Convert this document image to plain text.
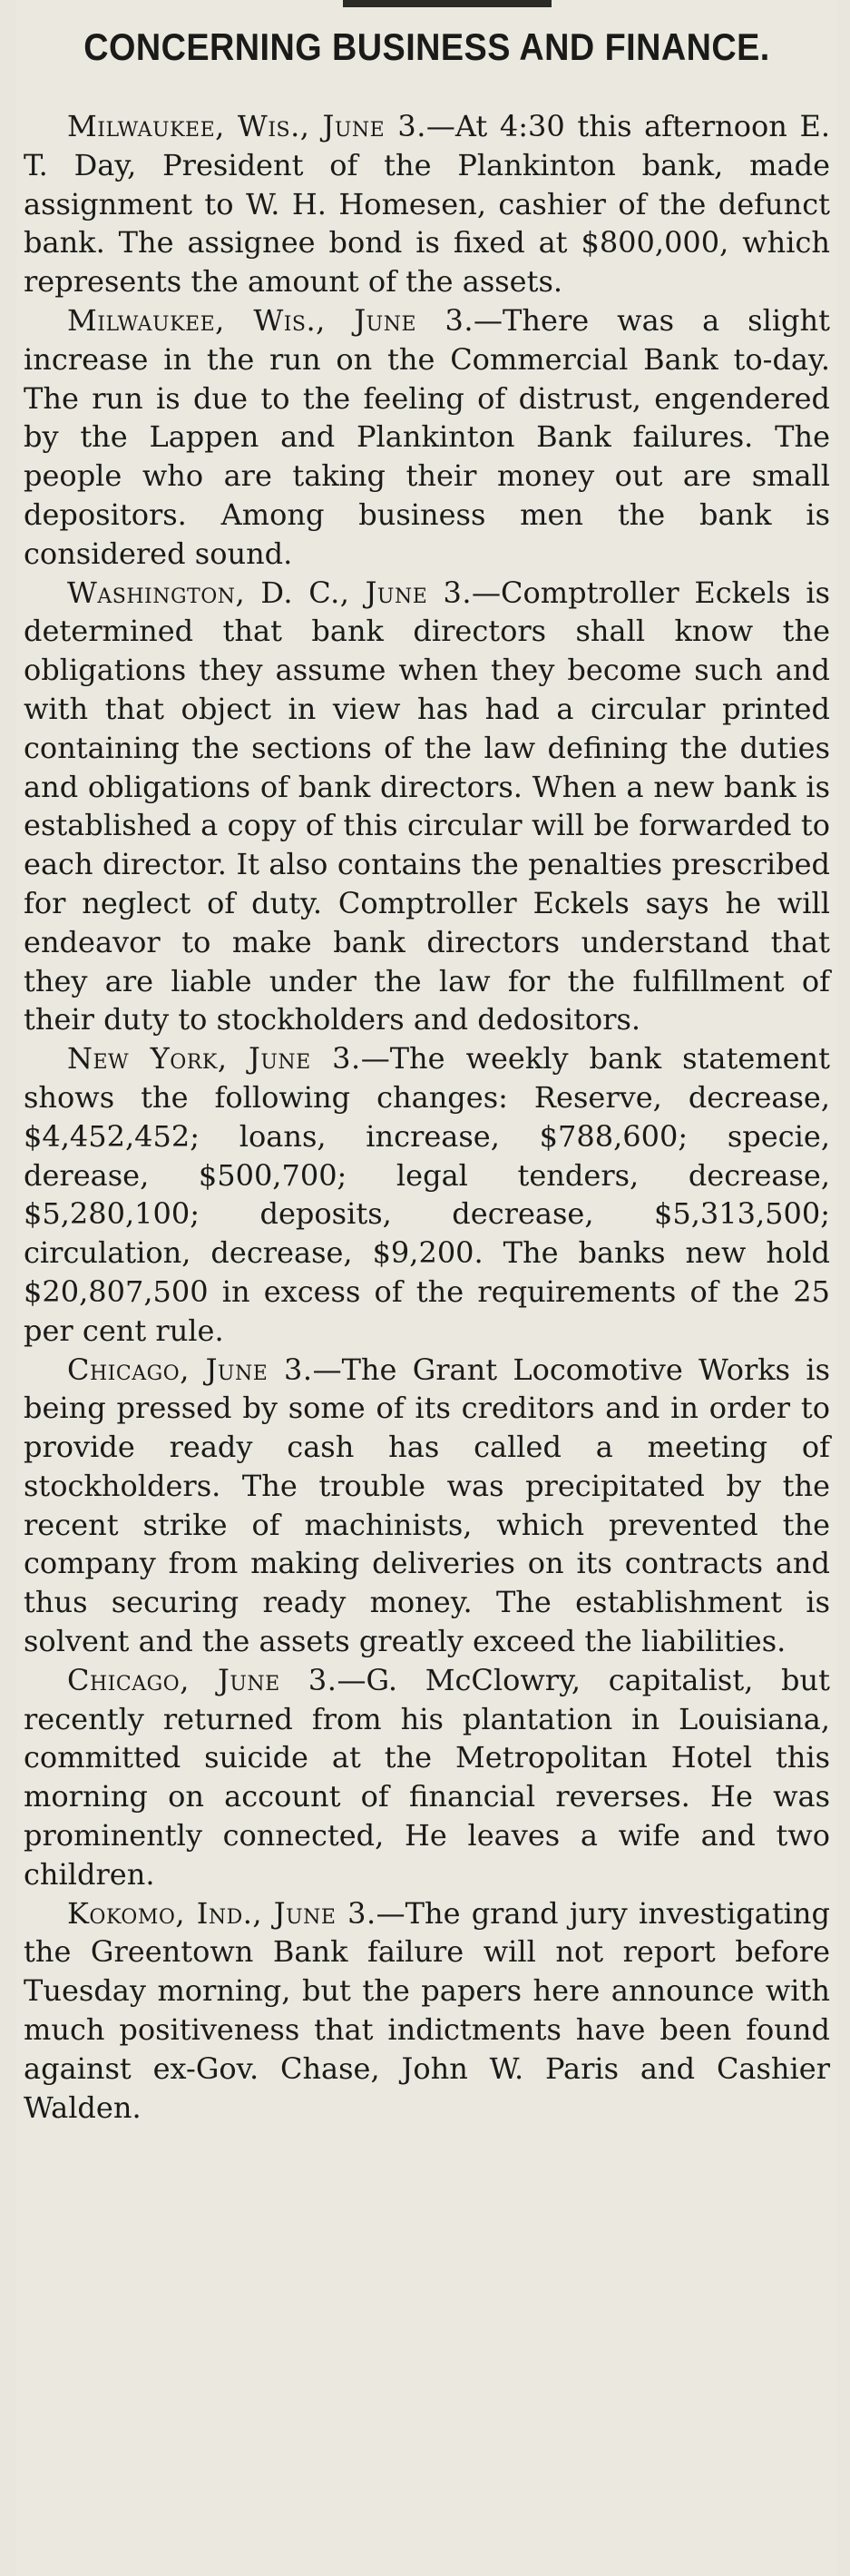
CONCERNING BUSINESS AND FINANCE.

Milwaukee, Wis., June 3.—At 4:30 this afternoon E. T. Day, President of the Plankinton bank, made assignment to W. H. Homesen, cashier of the defunct bank. The assignee bond is fixed at $800,000, which represents the amount of the assets.

Milwaukee, Wis., June 3.—There was a slight increase in the run on the Commercial Bank to-day. The run is due to the feeling of distrust, engendered by the Lappen and Plankinton Bank failures. The people who are taking their money out are small depositors. Among business men the bank is considered sound.

Washington, D. C., June 3.—Comptroller Eckels is determined that bank directors shall know the obligations they assume when they become such and with that object in view has had a circular printed containing the sections of the law defining the duties and obligations of bank directors. When a new bank is established a copy of this circular will be forwarded to each director. It also contains the penalties prescribed for neglect of duty. Comptroller Eckels says he will endeavor to make bank directors understand that they are liable under the law for the fulfillment of their duty to stockholders and dedositors.

New York, June 3.—The weekly bank statement shows the following changes: Reserve, decrease, $4,452,452; loans, increase, $788,600; specie, derease, $500,700; legal tenders, decrease, $5,280,100; deposits, decrease, $5,313,500; circulation, decrease, $9,200. The banks new hold $20,807,500 in excess of the requirements of the 25 per cent rule.

Chicago, June 3.—The Grant Locomotive Works is being pressed by some of its creditors and in order to provide ready cash has called a meeting of stockholders. The trouble was precipitated by the recent strike of machinists, which prevented the company from making deliveries on its contracts and thus securing ready money. The establishment is solvent and the assets greatly exceed the liabilities.

Chicago, June 3.—G. McClowry, capitalist, but recently returned from his plantation in Louisiana, committed suicide at the Metropolitan Hotel this morning on account of financial reverses. He was prominently connected, He leaves a wife and two children.

Kokomo, Ind., June 3.—The grand jury investigating the Greentown Bank failure will not report before Tuesday morning, but the papers here announce with much positiveness that indictments have been found against ex-Gov. Chase, John W. Paris and Cashier Walden.
